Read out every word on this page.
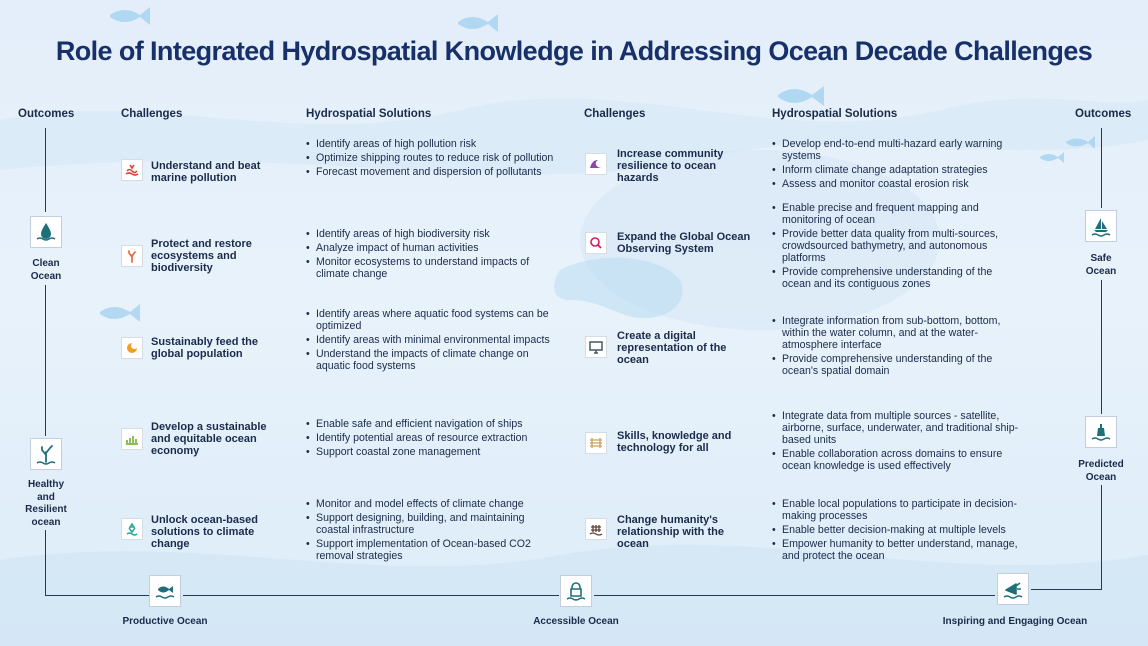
Role of Integrated Hydrospatial Knowledge in Addressing Ocean Decade Challenges
Outcomes	Challenges	Hydrospatial Solutions	Challenges	Hydrospatial Solutions	Outcomes
Clean Ocean
Healthy and Resilient ocean
Safe Ocean
Predicted Ocean
Productive Ocean	Accessible Ocean	Inspiring and Engaging Ocean
Understand and beat marine pollution
• Identify areas of high pollution risk
• Optimize shipping routes to reduce risk of pollution
• Forecast movement and dispersion of pollutants
Protect and restore ecosystems and biodiversity
• Identify areas of high biodiversity risk
• Analyze impact of human activities
• Monitor ecosystems to understand impacts of climate change
Sustainably feed the global population
• Identify areas where aquatic food systems can be optimized
• Identify areas with minimal environmental impacts
• Understand the impacts of climate change on aquatic food systems
Develop a sustainable and equitable ocean economy
• Enable safe and efficient navigation of ships
• Identify potential areas of resource extraction
• Support coastal zone management
Unlock ocean-based solutions to climate change
• Monitor and model effects of climate change
• Support designing, building, and maintaining coastal infrastructure
• Support implementation of Ocean-based CO2 removal strategies
Increase community resilience to ocean hazards
• Develop end-to-end multi-hazard early warning systems
• Inform climate change adaptation strategies
• Assess and monitor coastal erosion risk
Expand the Global Ocean Observing System
• Enable precise and frequent mapping and monitoring of ocean
• Provide better data quality from multi-sources, crowdsourced bathymetry, and autonomous platforms
• Provide comprehensive understanding of the ocean and its contiguous zones
Create a digital representation of the ocean
• Integrate information from sub-bottom, bottom, within the water column, and at the water-atmosphere interface
• Provide comprehensive understanding of the ocean's spatial domain
Skills, knowledge and technology for all
• Integrate data from multiple sources - satellite, airborne, surface, underwater, and traditional ship-based units
• Enable collaboration across domains to ensure ocean knowledge is used effectively
Change humanity's relationship with the ocean
• Enable local populations to participate in decision-making processes
• Enable better decision-making at multiple levels
• Empower humanity to better understand, manage, and protect the ocean
